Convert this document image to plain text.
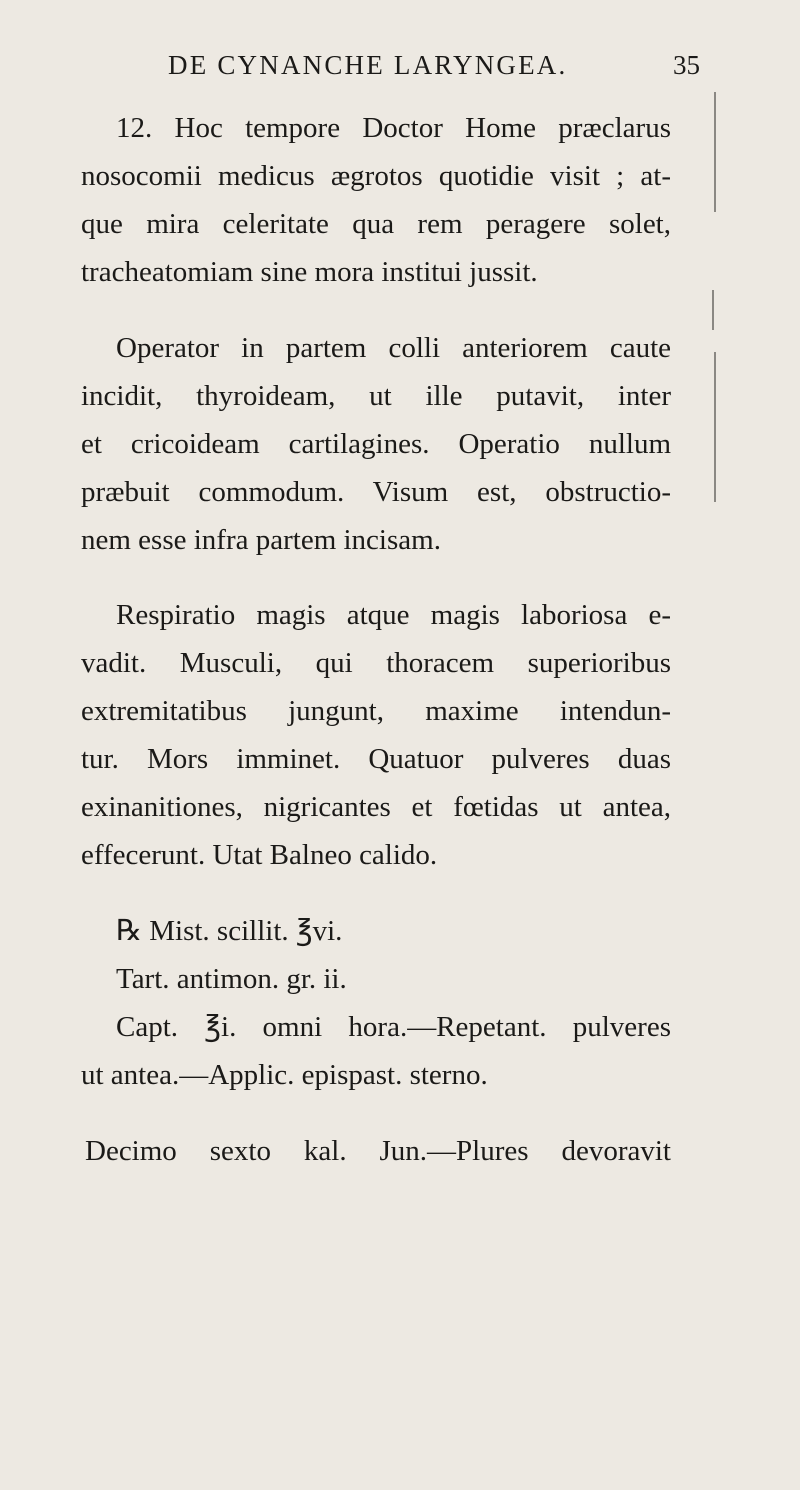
DE CYNANCHE LARYNGEA.	35
12. Hoc tempore Doctor Home præclarus
nosocomii medicus ægrotos quotidie visit ; at-
que mira celeritate qua rem peragere solet,
tracheatomiam sine mora institui jussit.
Operator in partem colli anteriorem caute
incidit, thyroideam, ut ille putavit, inter
et cricoideam cartilagines. Operatio nullum
præbuit commodum. Visum est, obstructio-
nem esse infra partem incisam.
Respiratio magis atque magis laboriosa e-
vadit. Musculi, qui thoracem superioribus
extremitatibus jungunt, maxime intendun-
tur. Mors imminet. Quatuor pulveres duas
exinanitiones, nigricantes et fœtidas ut antea,
effecerunt. Utat Balneo calido.
℞ Mist. scillit. ℥vi.
Tart. antimon. gr. ii.
Capt. ℥i. omni hora.—Repetant. pulveres
ut antea.—Applic. epispast. sterno.
Decimo sexto kal. Jun.—Plures devoravit
